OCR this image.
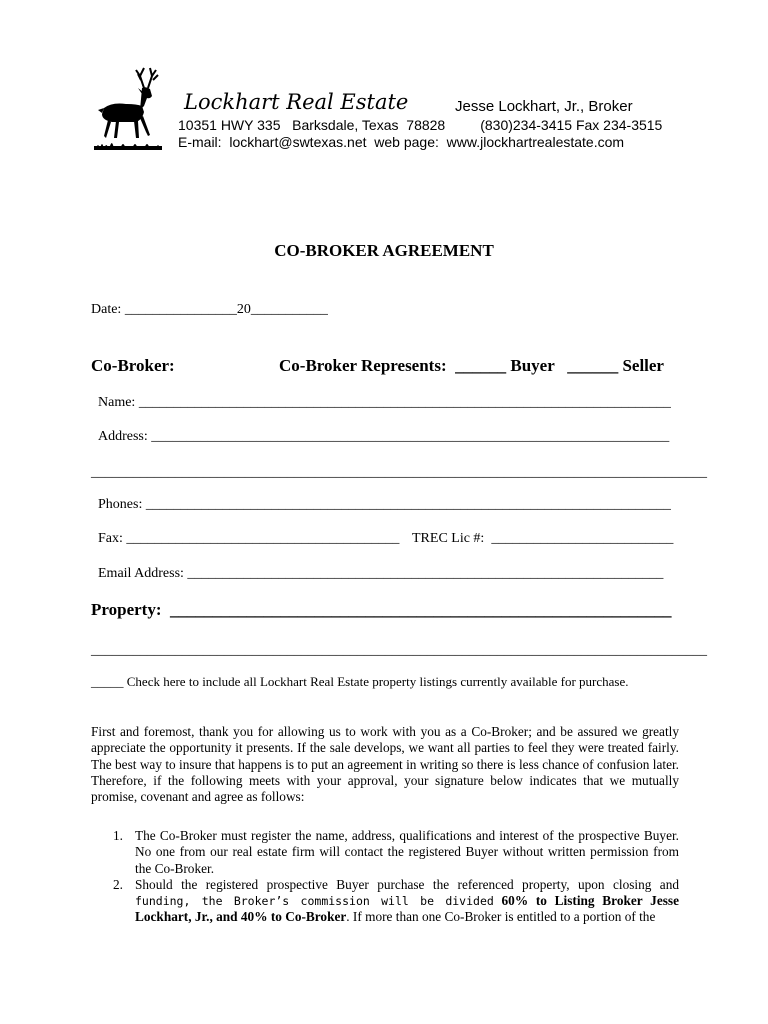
Lockhart Real Estate	Jesse Lockhart, Jr., Broker
10351 HWY 335   Barksdale, Texas  78828         (830)234-3415 Fax 234-3515
E-mail:  lockhart@swtexas.net  web page:  www.jlockhartrealestate.com
CO-BROKER AGREEMENT
Date: ________________20___________
Co-Broker:	Co-Broker Represents:  ______ Buyer   ______ Seller
Name: ____________________________________________________________________________
Address: __________________________________________________________________________
________________________________________________________________________________________
Phones: ___________________________________________________________________________
Fax: _______________________________________ TREC Lic #:  __________________________
Email Address: ____________________________________________________________________
Property:  ___________________________________________________________
________________________________________________________________________________________
_____ Check here to include all Lockhart Real Estate property listings currently available for purchase.
First and foremost, thank you for allowing us to work with you as a Co-Broker; and be assured we greatly appreciate the opportunity it presents. If the sale develops, we want all parties to feel they were treated fairly. The best way to insure that happens is to put an agreement in writing so there is less chance of confusion later. Therefore, if the following meets with your approval, your signature below indicates that we mutually promise, covenant and agree as follows:
1. The Co-Broker must register the name, address, qualifications and interest of the prospective Buyer. No one from our real estate firm will contact the registered Buyer without written permission from the Co-Broker.
2. Should the registered prospective Buyer purchase the referenced property, upon closing and funding, the Broker’s commission will be divided 60% to Listing Broker Jesse Lockhart, Jr., and 40% to Co-Broker. If more than one Co-Broker is entitled to a portion of the
